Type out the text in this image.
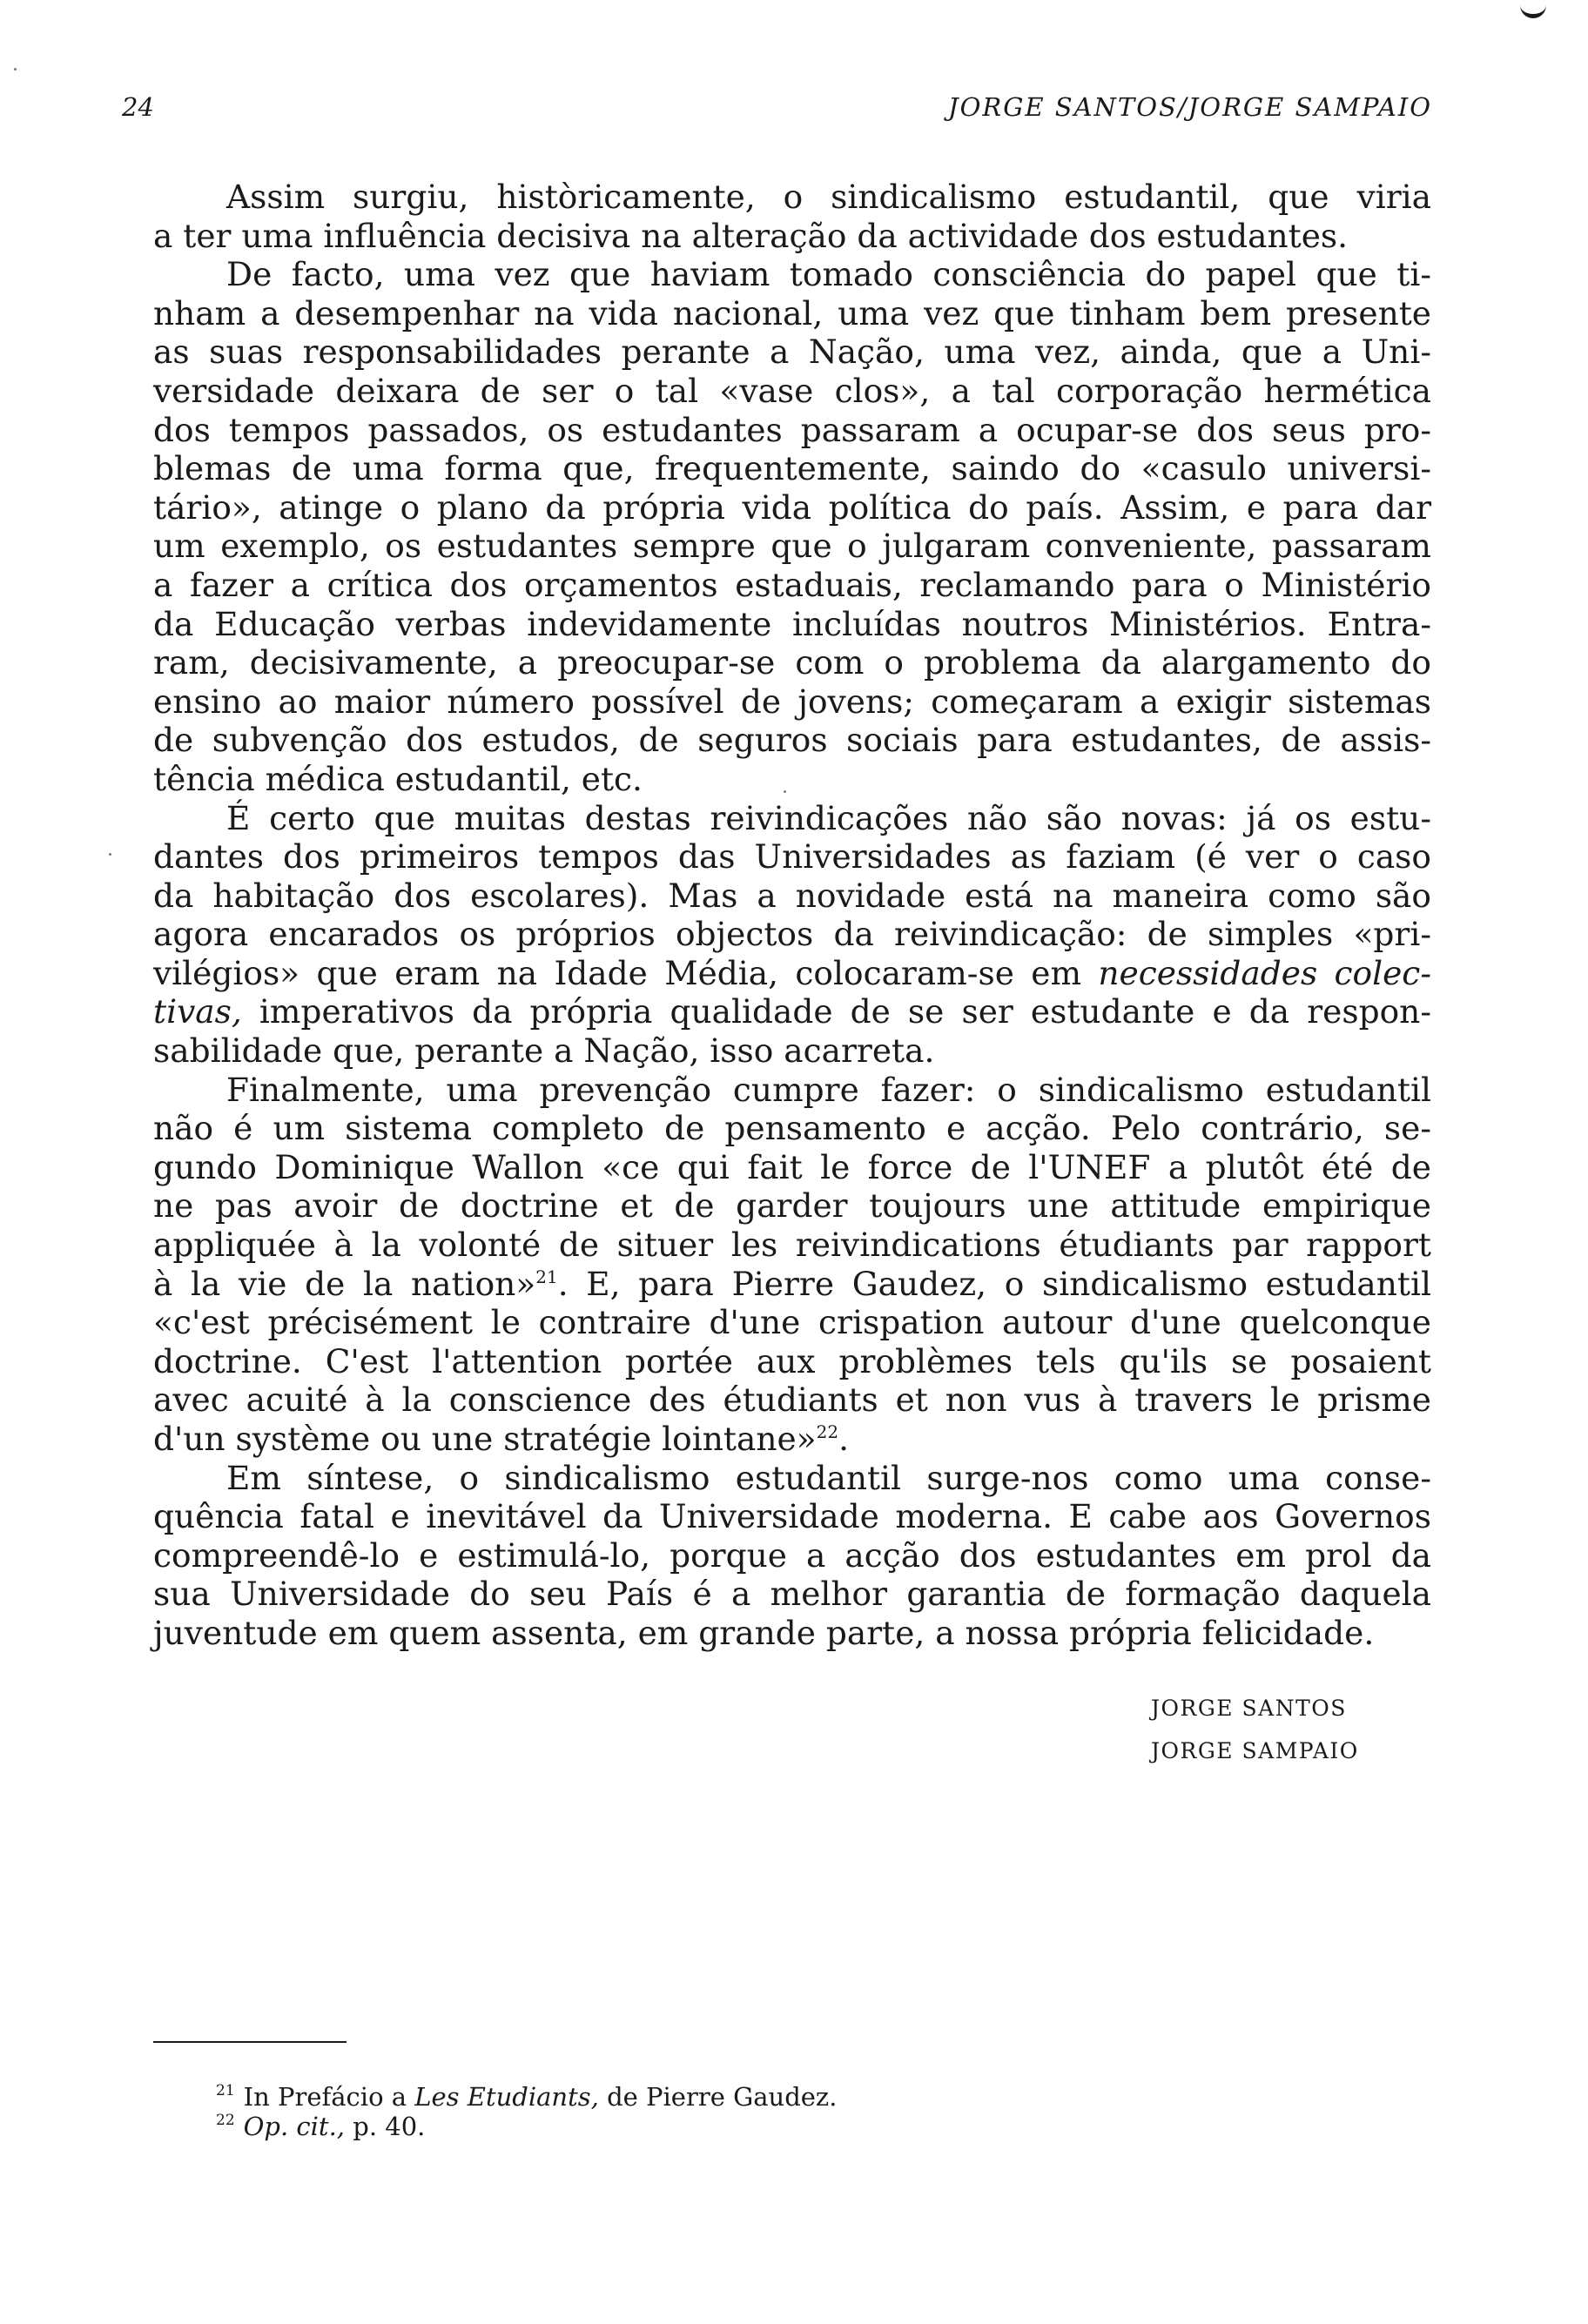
24	JORGE SANTOS/JORGE SAMPAIO
Assim surgiu, històricamente, o sindicalismo estudantil, que viria
a ter uma influência decisiva na alteração da actividade dos estudantes.
De facto, uma vez que haviam tomado consciência do papel que ti-
nham a desempenhar na vida nacional, uma vez que tinham bem presente
as suas responsabilidades perante a Nação, uma vez, ainda, que a Uni-
versidade deixara de ser o tal «vase clos», a tal corporação hermética
dos tempos passados, os estudantes passaram a ocupar-se dos seus pro-
blemas de uma forma que, frequentemente, saindo do «casulo universi-
tário», atinge o plano da própria vida política do país. Assim, e para dar
um exemplo, os estudantes sempre que o julgaram conveniente, passaram
a fazer a crítica dos orçamentos estaduais, reclamando para o Ministério
da Educação verbas indevidamente incluídas noutros Ministérios. Entra-
ram, decisivamente, a preocupar-se com o problema da alargamento do
ensino ao maior número possível de jovens; começaram a exigir sistemas
de subvenção dos estudos, de seguros sociais para estudantes, de assis-
tência médica estudantil, etc.
É certo que muitas destas reivindicações não são novas: já os estu-
dantes dos primeiros tempos das Universidades as faziam (é ver o caso
da habitação dos escolares). Mas a novidade está na maneira como são
agora encarados os próprios objectos da reivindicação: de simples «pri-
vilégios» que eram na Idade Média, colocaram-se em necessidades colec-
tivas, imperativos da própria qualidade de se ser estudante e da respon-
sabilidade que, perante a Nação, isso acarreta.
Finalmente, uma prevenção cumpre fazer: o sindicalismo estudantil
não é um sistema completo de pensamento e acção. Pelo contrário, se-
gundo Dominique Wallon «ce qui fait le force de l'UNEF a plutôt été de
ne pas avoir de doctrine et de garder toujours une attitude empirique
appliquée à la volonté de situer les reivindications étudiants par rapport
à la vie de la nation»$^{21}$. E, para Pierre Gaudez, o sindicalismo estudantil
«c'est précisément le contraire d'une crispation autour d'une quelconque
doctrine. C'est l'attention portée aux problèmes tels qu'ils se posaient
avec acuité à la conscience des étudiants et non vus à travers le prisme
d'un système ou une stratégie lointane»$^{22}$.
Em síntese, o sindicalismo estudantil surge-nos como uma conse-
quência fatal e inevitável da Universidade moderna. E cabe aos Governos
compreendê-lo e estimulá-lo, porque a acção dos estudantes em prol da
sua Universidade do seu País é a melhor garantia de formação daquela
juventude em quem assenta, em grande parte, a nossa própria felicidade.
JORGE SANTOS
JORGE SAMPAIO
$^{21}$ In Prefácio a Les Etudiants, de Pierre Gaudez.
$^{22}$ Op. cit., p. 40.
